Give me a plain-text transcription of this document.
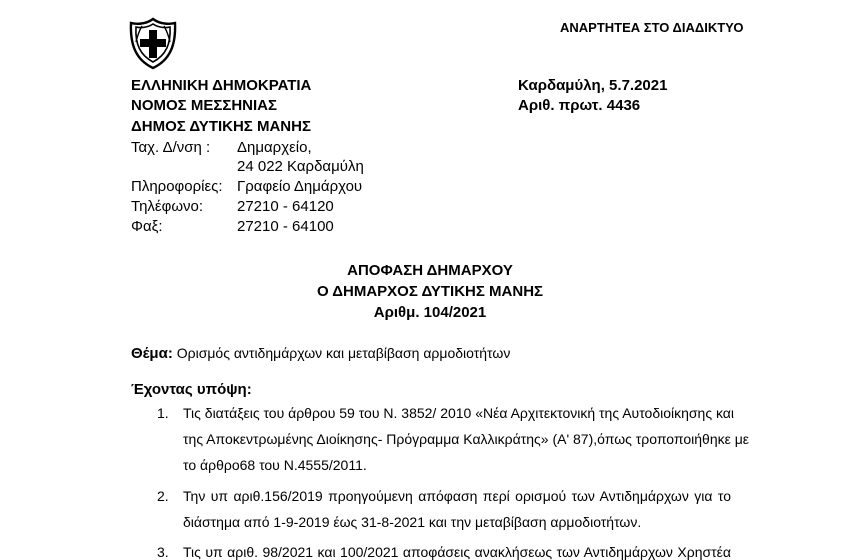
ΑΝΑΡΤΗΤΕΑ ΣΤΟ ΔΙΑΔΙΚΤΥΟ
ΕΛΛΗΝΙΚΗ ΔΗΜΟΚΡΑΤΙΑ
ΝΟΜΟΣ ΜΕΣΣΗΝΙΑΣ
ΔΗΜΟΣ ΔΥΤΙΚΗΣ ΜΑΝΗΣ
Καρδαμύλη, 5.7.2021
Αριθ. πρωτ. 4436
Ταχ. Δ/νση : Δημαρχείο,
24 022 Καρδαμύλη
Πληροφορίες: Γραφείο Δημάρχου
Τηλέφωνο: 27210 - 64120
Φαξ:	27210 - 64100
ΑΠΟΦΑΣΗ ΔΗΜΑΡΧΟΥ
Ο ΔΗΜΑΡΧΟΣ ΔΥΤΙΚΗΣ ΜΑΝΗΣ
Αριθμ. 104/2021
Θέμα: Ορισμός αντιδημάρχων και μεταβίβαση αρμοδιοτήτων
Έχοντας υπόψη:
1. Τις διατάξεις του άρθρου 59 του Ν. 3852/ 2010 «Νέα Αρχιτεκτονική της Αυτοδιοίκησης και
της Αποκεντρωμένης Διοίκησης- Πρόγραμμα Καλλικράτης» (Α' 87),όπως τροποποιήθηκε με
το άρθρο68 του Ν.4555/2011.
2. Την υπ αριθ.156/2019 προηγούμενη απόφαση περί ορισμού των Αντιδημάρχων για το
διάστημα από 1-9-2019 έως 31-8-2021 και την μεταβίβαση αρμοδιοτήτων.
3. Τις υπ αριθ. 98/2021 και 100/2021 αποφάσεις ανακλήσεως των Αντιδημάρχων Χρηστέα
